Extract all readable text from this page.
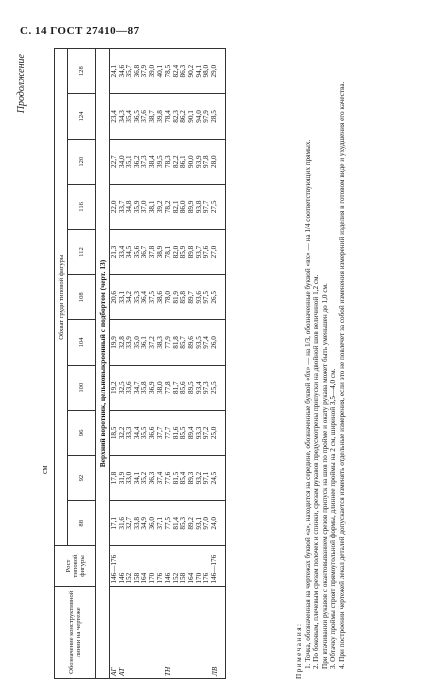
С. 14 ГОСТ 27410—87
Продолжение
см
Обозначение конструктивной линии на чертеже	Рост типовой фигуры	Обхват груди типовой фигуры										
		88	92	96	100	104	108	112	116	120	124	128
Верхний воротник, цельновыкроенный с подбортом (черт. 13)												
АГ	146—176	17,1	17,8	18,5	19,2	19,9	20,6	21,3	22,0	22,7	23,4	24,1
АТ	146	31,6	31,9	32,2	32,5	32,8	33,1	33,4	33,7	34,0	34,3	34,6
	152	32,7	33,0	33,3	33,6	33,9	34,2	34,5	34,8	35,1	35,4	35,7
	158	33,8	34,1	34,4	34,7	35,0	35,3	35,6	35,9	36,2	36,5	36,8
	164	34,9	35,2	35,5	35,8	36,1	36,4	36,7	37,0	37,3	37,6	37,9
	170	36,0	36,3	36,6	36,9	37,2	37,5	37,8	38,1	38,4	38,7	39,0
	176	37,1	37,4	37,7	38,0	38,3	38,6	38,9	39,2	39,5	39,8	40,1
ТН	146	77,5	77,6	77,7	77,8	77,9	78,0	78,1	78,2	78,3	78,4	78,5
	152	81,4	81,5	81,6	81,7	81,8	81,9	82,0	82,1	82,2	82,3	82,4
	158	85,3	85,4	85,5	85,6	85,7	85,8	85,9	86,0	86,1	86,2	86,3
	164	89,2	89,3	89,4	89,5	89,6	89,7	89,8	89,9	90,0	90,1	90,2
	170	93,1	93,2	93,3	93,4	93,5	93,6	93,7	93,8	93,9	94,0	94,1
	176	97,0	97,1	97,2	97,3	97,4	97,5	97,6	97,7	97,8	97,9	98,0
ЛВ	146—176	24,0	24,5	25,0	25,5	26,0	26,5	27,0	27,5	28,0	28,5	29,0

Примечания: 1. Точка, обозначенная на чертежах буквой «а», находится на середине, обозначенные буквой «бх» — на 1/3, обозначенные буквой «вх» — на 1/4 соответствующих прямых. 2. По боковым, плечевым срезам полочек и спинки, срезам рукавов предусмотрены припуски на двойной шов величиной 1,2 см. При втачивании рукавов с окантовыванием срезов припуск на шов по пройме и окату рукава может быть уменьшен до 1,0 см. 3. Обтачку проймы строят прямоугольной формы, длиннее проймы на 2 см, шириной 3,5—4,0 см. 4. При построении чертежей лекал деталей допускается изменять отдельные измерения, если это не повлечет за собой изменения измерений изделия в готовом виде и ухудшения его качества.
